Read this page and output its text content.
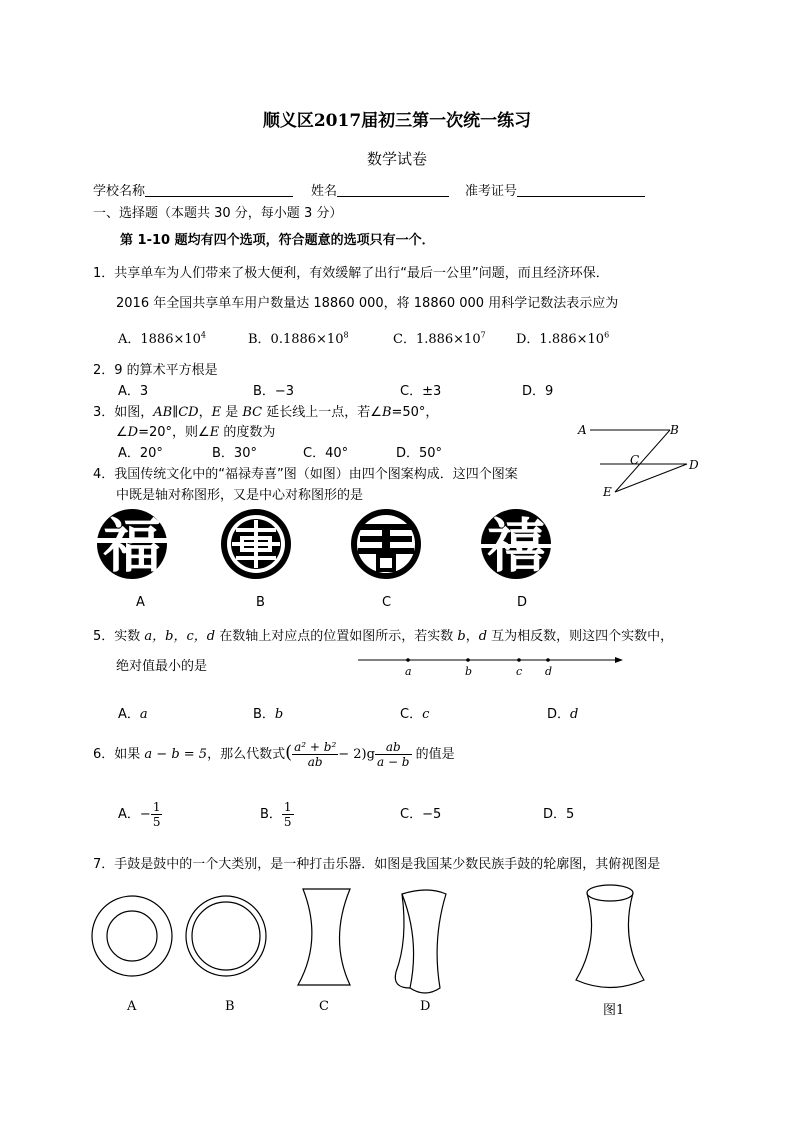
顺义区2017届初三第一次统一练习
数学试卷
学校名称	姓名	准考证号
一、选择题（本题共 30 分，每小题 3 分）
第 1-10 题均有四个选项，符合题意的选项只有一个．
1．共享单车为人们带来了极大便利，有效缓解了出行“最后一公里”问题，而且经济环保．
2016 年全国共享单车用户数量达 18860 000，将 18860 000 用科学记数法表示应为
A．$1886\times 10^4$	B．$0.1886\times 10^8$	C．$1.886\times 10^7$ D．$1.886\times 10^6$
2．9 的算术平方根是
A．3	B．−3	C．±3	D．9
3．如图，AB∥CD，E 是 BC 延长线上一点，若∠B=50°，
∠D=20°，则∠E 的度数为
A．20°	B．30°	C．40°	D．50°
A	B
C	D
E
4．我国传统文化中的“福禄寿喜”图（如图）由四个图案构成．这四个图案
中既是轴对称图形，又是中心对称图形的是
福	禧
A	B	C	D
5．实数 a，b，c，d 在数轴上对应点的位置如图所示，若实数 b，d 互为相反数，则这四个实数中，
绝对值最小的是	a	b	c d
A．a	B．b	C．c	D．d
6．如果 a − b = 5，那么代数式( $\frac{\text{a² + b²}}{ab} - 2)g \frac{ab}{a - b}$ 的值是
A．− $\frac{1}{5}$	B． $\frac{1}{5}$	C．−5	D．5
7．手鼓是鼓中的一个大类别，是一种打击乐器．如图是我国某少数民族手鼓的轮廓图，其俯视图是
A	B	C	D	图1
